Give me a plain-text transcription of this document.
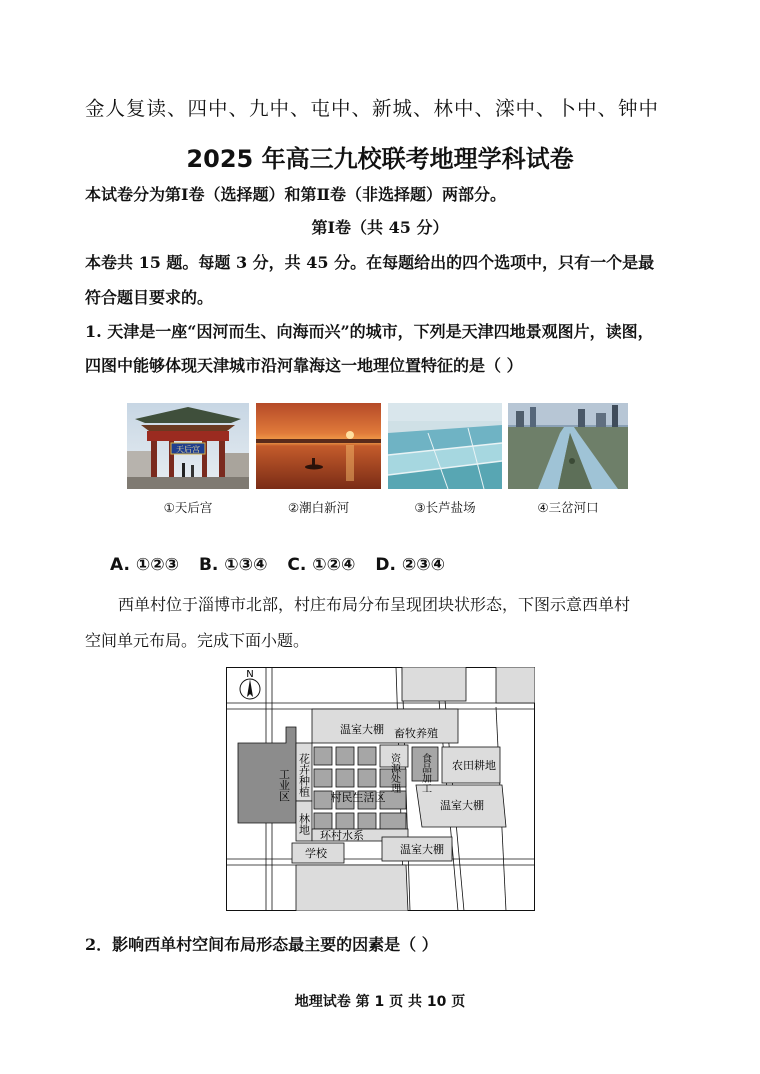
金人复读、四中、九中、屯中、新城、林中、滦中、卜中、钟中
2025 年高三九校联考地理学科试卷
本试卷分为第Ⅰ卷（选择题）和第Ⅱ卷（非选择题）两部分。
第Ⅰ卷（共 45 分）
本卷共 15 题。每题 3 分，共 45 分。在每题给出的四个选项中，只有一个是最
符合题目要求的。
1. 天津是一座“因河而生、向海而兴”的城市，下列是天津四地景观图片，读图，
四图中能够体现天津城市沿河靠海这一地理位置特征的是（ ）
天后宫
①天后宫	②潮白新河	③长芦盐场	④三岔河口
A. ①②③ B. ①③④ C. ①②④ D. ②③④
西单村位于淄博市北部，村庄布局分布呈现团块状形态，下图示意西单村
空间单元布局。完成下面小题。
N
温室大棚 畜牧养殖
工业区 花卉种植	资源处理 食品加工 农田耕地
村民生活区
温室大棚
林地
环村水系
学校	温室大棚
2．影响西单村空间布局形态最主要的因素是（ ）
地理试卷 第 1 页 共 10 页
